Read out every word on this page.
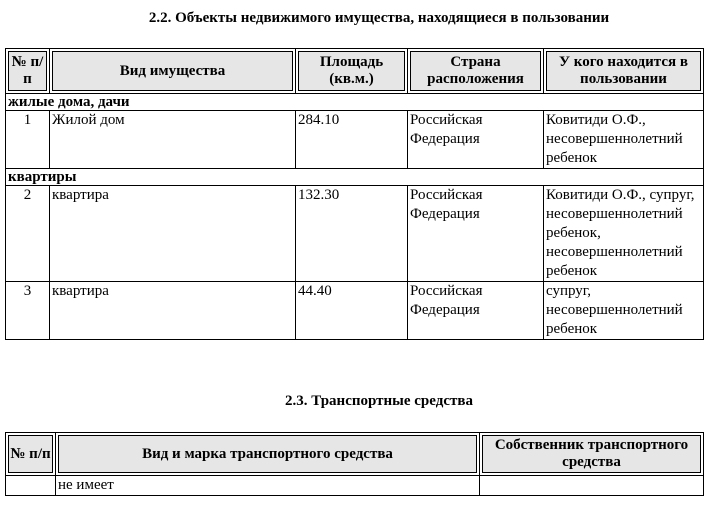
2.2. Объекты недвижимого имущества, находящиеся в пользовании
№ п/п	Вид имущества	Площадь (кв.м.)	Страна расположения	У кого находится в пользовании
жилые дома, дачи				
1	Жилой дом	284.10	Российская Федерация	Ковитиди О.Ф., несовершеннолетний ребенок
квартиры				
2	квартира	132.30	Российская Федерация	Ковитиди О.Ф., супруг, несовершеннолетний ребенок, несовершеннолетний ребенок
3	квартира	44.40	Российская Федерация	супруг, несовершеннолетний ребенок
2.3. Транспортные средства
№ п/п	Вид и марка транспортного средства	Собственник транспортного средства
	не имеет	
